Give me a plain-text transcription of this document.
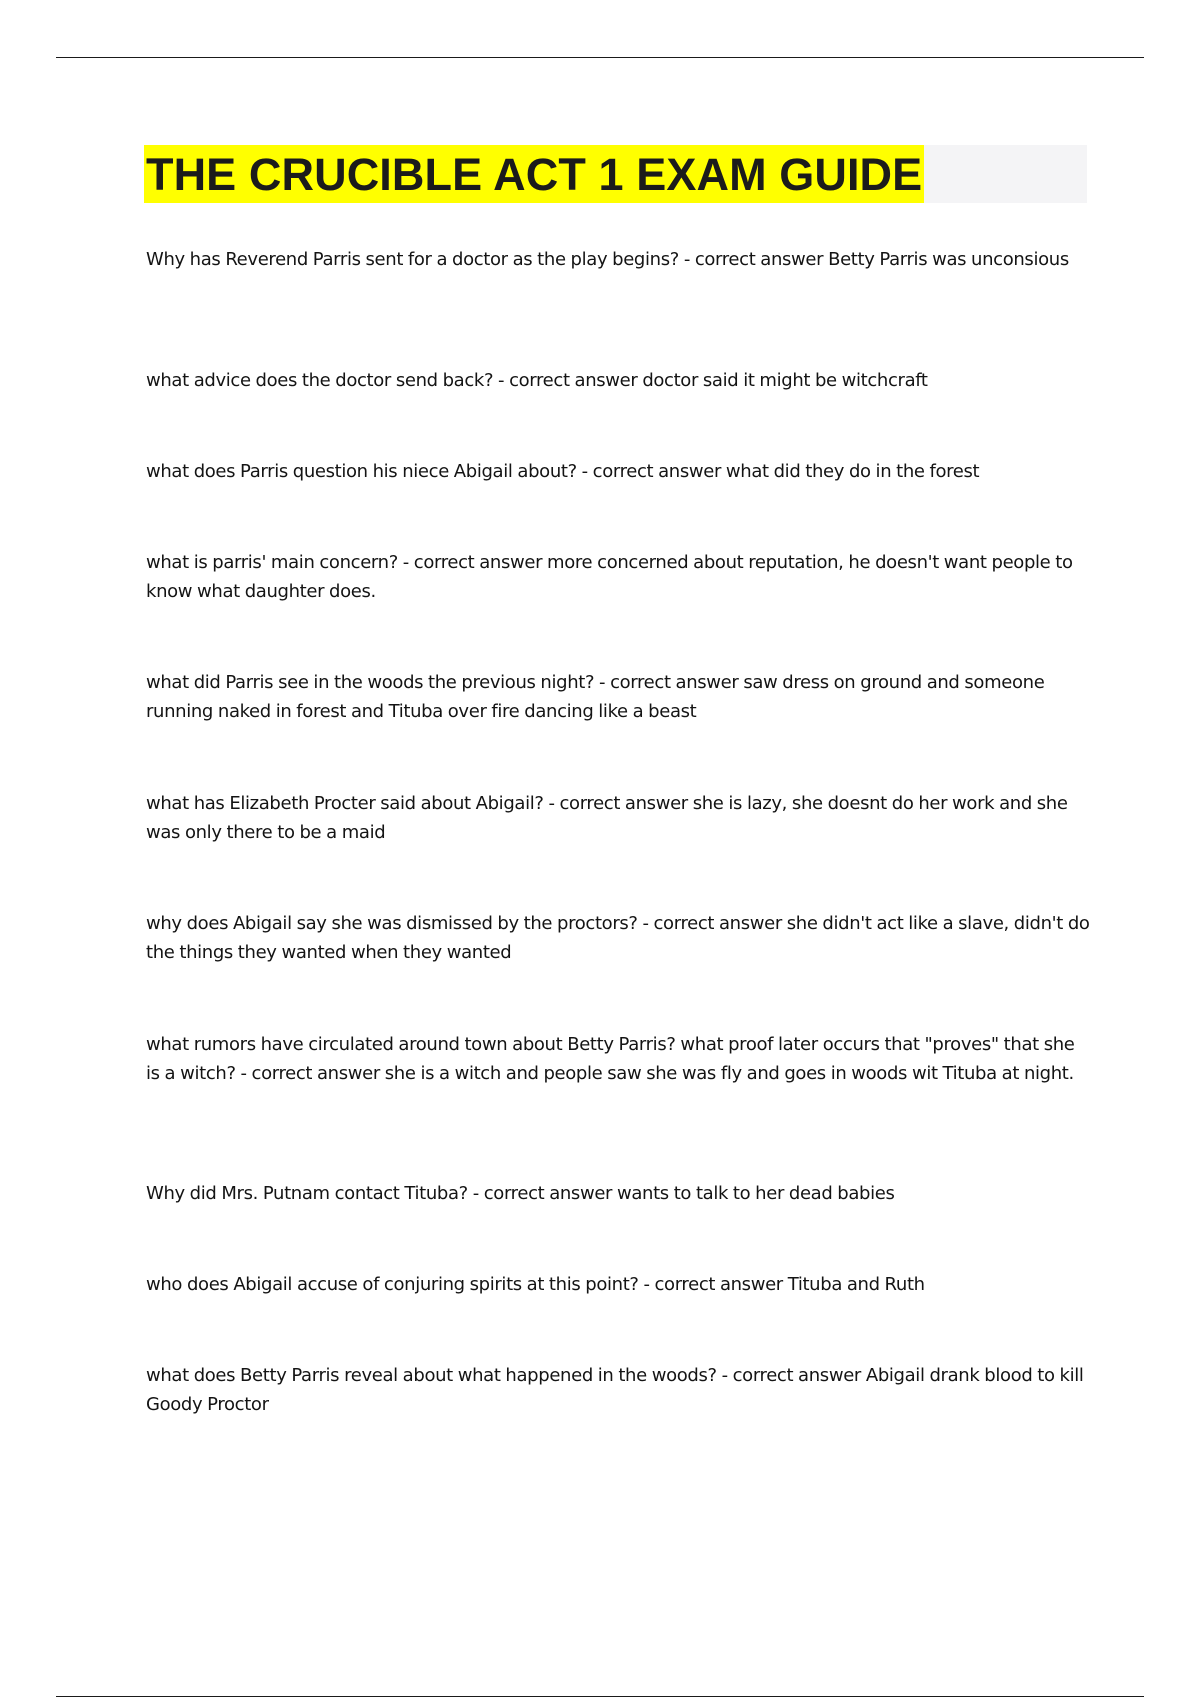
THE CRUCIBLE ACT 1 EXAM GUIDE

Why has Reverend Parris sent for a doctor as the play begins? - correct answer Betty Parris was unconsious

what advice does the doctor send back? - correct answer doctor said it might be witchcraft

what does Parris question his niece Abigail about? - correct answer what did they do in the forest

what is parris' main concern? - correct answer more concerned about reputation, he doesn't want people to know what daughter does.

what did Parris see in the woods the previous night? - correct answer saw dress on ground and someone running naked in forest and Tituba over fire dancing like a beast

what has Elizabeth Procter said about Abigail? - correct answer she is lazy, she doesnt do her work and she was only there to be a maid

why does Abigail say she was dismissed by the proctors? - correct answer she didn't act like a slave, didn't do the things they wanted when they wanted

what rumors have circulated around town about Betty Parris? what proof later occurs that "proves" that she is a witch? - correct answer she is a witch and people saw she was fly and goes in woods wit Tituba at night.

Why did Mrs. Putnam contact Tituba? - correct answer wants to talk to her dead babies

who does Abigail accuse of conjuring spirits at this point? - correct answer Tituba and Ruth

what does Betty Parris reveal about what happened in the woods? - correct answer Abigail drank blood to kill Goody Proctor
